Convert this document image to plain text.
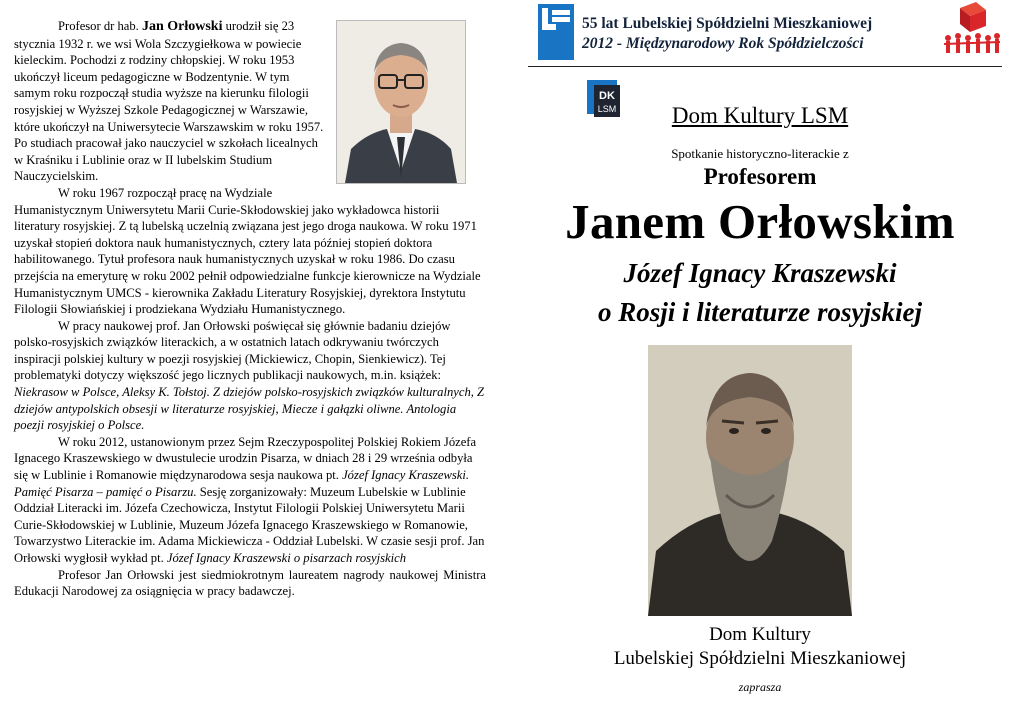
Profesor dr hab. Jan Orłowski urodził się 23 stycznia 1932 r. we wsi Wola Szczygiełkowa w powiecie kieleckim. Pochodzi z rodziny chłopskiej. W roku 1953 ukończył liceum pedagogiczne w Bodzentynie. W tym samym roku rozpoczął studia wyższe na kierunku filologii rosyjskiej w Wyższej Szkole Pedagogicznej w Warszawie, które ukończył na Uniwersytecie Warszawskim w roku 1957. Po studiach pracował jako nauczyciel w szkołach licealnych w Kraśniku i Lublinie oraz w II lubelskim Studium Nauczycielskim.

W roku 1967 rozpoczął pracę na Wydziale Humanistycznym Uniwersytetu Marii Curie-Skłodowskiej jako wykładowca historii literatury rosyjskiej. Z tą lubelską uczelnią związana jest jego droga naukowa. W roku 1971 uzyskał stopień doktora nauk humanistycznych, cztery lata później stopień doktora habilitowanego. Tytuł profesora nauk humanistycznych uzyskał w roku 1986. Do czasu przejścia na emeryturę w roku 2002 pełnił odpowiedzialne funkcje kierownicze na Wydziale Humanistycznym UMCS - kierownika Zakładu Literatury Rosyjskiej, dyrektora Instytutu Filologii Słowiańskiej i prodziekana Wydziału Humanistycznego.

W pracy naukowej prof. Jan Orłowski poświęcał się głównie badaniu dziejów polsko-rosyjskich związków literackich, a w ostatnich latach odkrywaniu twórczych inspiracji polskiej kultury w poezji rosyjskiej (Mickiewicz, Chopin, Sienkiewicz). Tej problematyki dotyczy większość jego licznych publikacji naukowych, m.in. książek: Niekrasow w Polsce, Aleksy K. Tołstoj. Z dziejów polsko-rosyjskich związków kulturalnych, Z dziejów antypolskich obsesji w literaturze rosyjskiej, Miecze i gałązki oliwne. Antologia poezji rosyjskiej o Polsce.

W roku 2012, ustanowionym przez Sejm Rzeczypospolitej Polskiej Rokiem Józefa Ignacego Kraszewskiego w dwustulecie urodzin Pisarza, w dniach 28 i 29 września odbyła się w Lublinie i Romanowie międzynarodowa sesja naukowa pt. Józef Ignacy Kraszewski. Pamięć Pisarza – pamięć o Pisarzu. Sesję zorganizowały: Muzeum Lubelskie w Lublinie Oddział Literacki im. Józefa Czechowicza, Instytut Filologii Polskiej Uniwersytetu Marii Curie-Skłodowskiej w Lublinie, Muzeum Józefa Ignacego Kraszewskiego w Romanowie, Towarzystwo Literackie im. Adama Mickiewicza - Oddział Lubelski. W czasie sesji prof. Jan Orłowski wygłosił wykład pt. Józef Ignacy Kraszewski o pisarzach rosyjskich

Profesor Jan Orłowski jest siedmiokrotnym laureatem nagrody naukowej Ministra Edukacji Narodowej za osiągnięcia w pracy badawczej.

55 lat Lubelskiej Spółdzielni Mieszkaniowej
2012 - Międzynarodowy Rok Spółdzielczości
DK
LSM	Dom Kultury LSM
Spotkanie historyczno-literackie z
Profesorem
Janem Orłowskim
Józef Ignacy Kraszewski
o Rosji i literaturze rosyjskiej
Dom Kultury
Lubelskiej Spółdzielni Mieszkaniowej
zaprasza
